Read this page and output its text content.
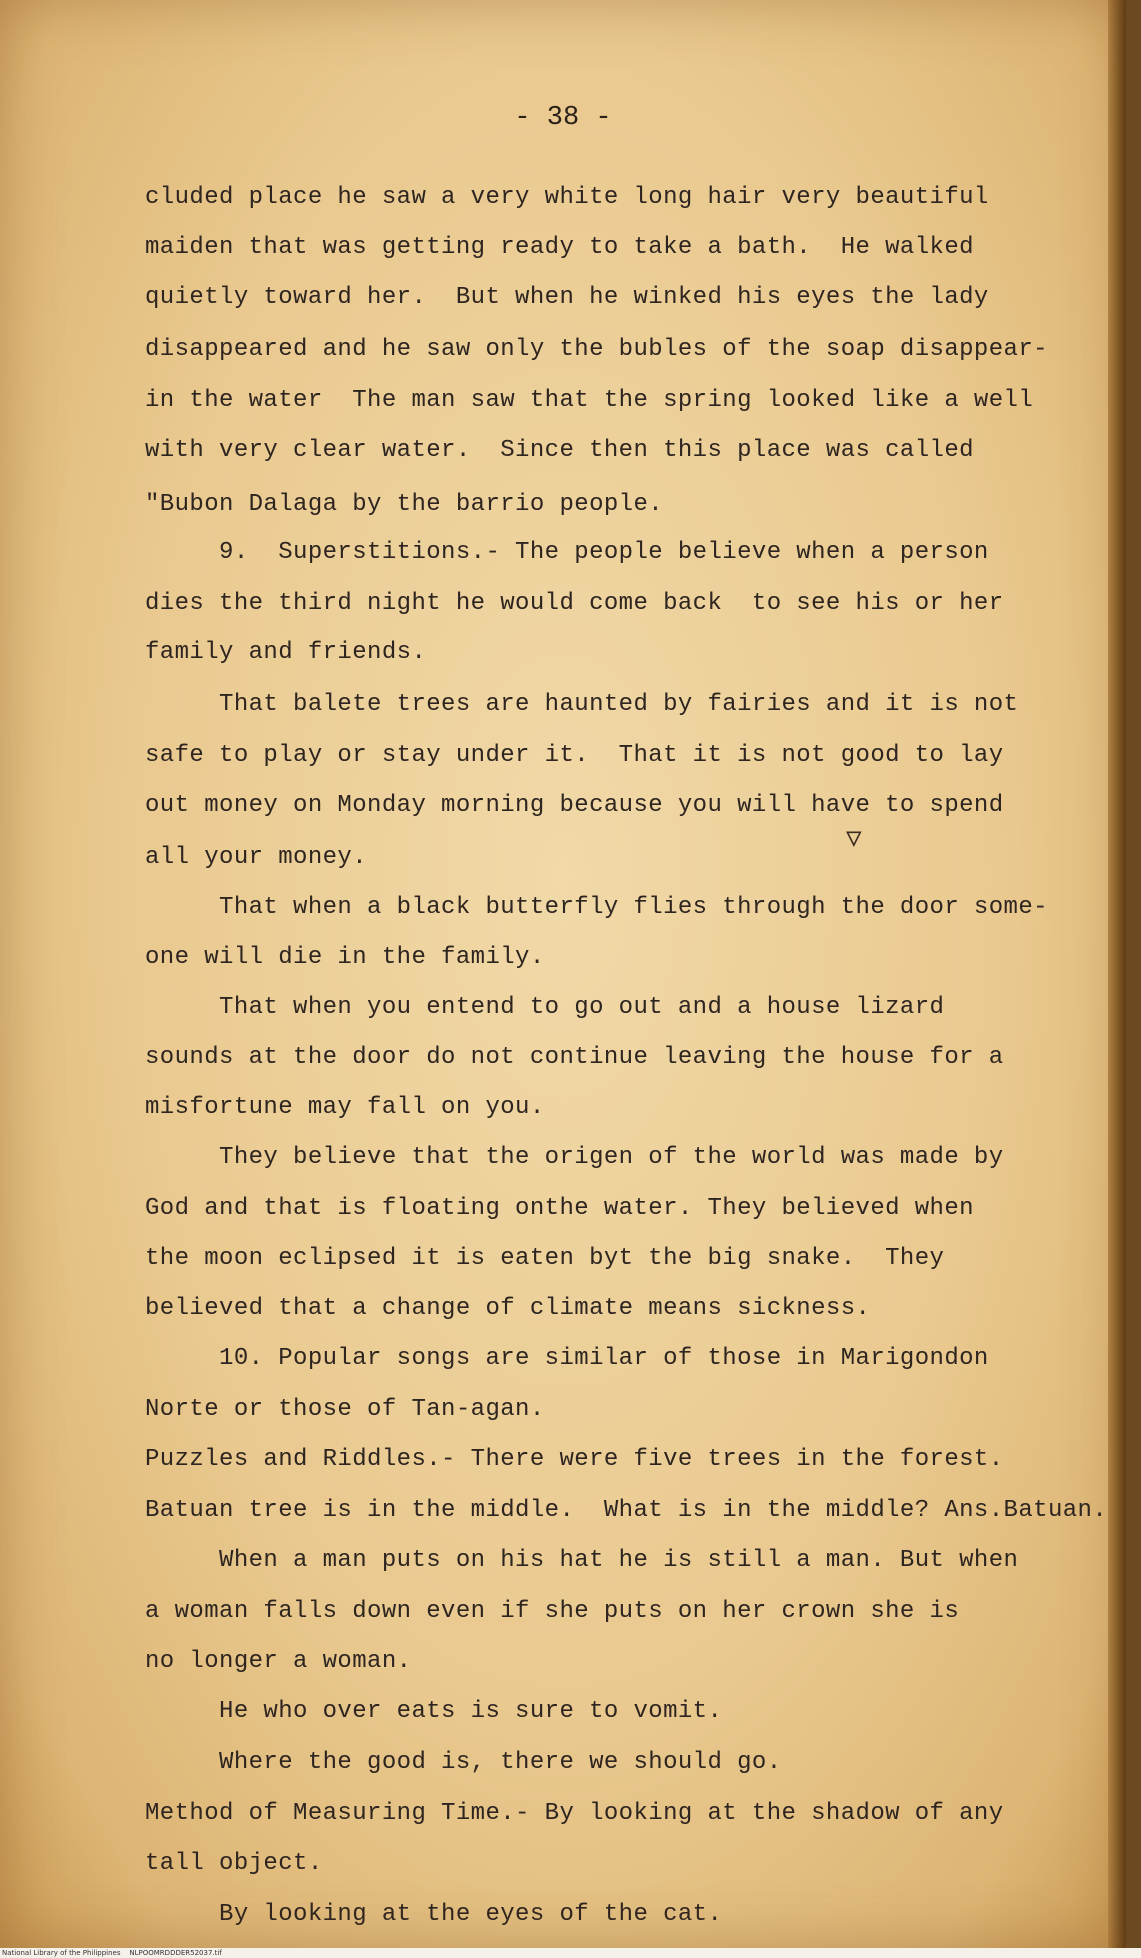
- 38 -
cluded place he saw a very white long hair very beautiful
maiden that was getting ready to take a bath.  He walked
quietly toward her.  But when he winked his eyes the lady
disappeared and he saw only the bubles of the soap disappear-
in the water  The man saw that the spring looked like a well
with very clear water.  Since then this place was called
"Bubon Dalaga by the barrio people.
9.  Superstitions.- The people believe when a person
dies the third night he would come back  to see his or her
family and friends.
That balete trees are haunted by fairies and it is not
safe to play or stay under it.  That it is not good to lay
out money on Monday morning because you will have to spend
all your money.
That when a black butterfly flies through the door some-
one will die in the family.
That when you entend to go out and a house lizard
sounds at the door do not continue leaving the house for a
misfortune may fall on you.
They believe that the origen of the world was made by
God and that is floating onthe water. They believed when
the moon eclipsed it is eaten byt the big snake.  They
believed that a change of climate means sickness.
10. Popular songs are similar of those in Marigondon
Norte or those of Tan-agan.
Puzzles and Riddles.- There were five trees in the forest.
Batuan tree is in the middle.  What is in the middle? Ans.Batuan.
When a man puts on his hat he is still a man. But when
a woman falls down even if she puts on her crown she is
no longer a woman.
He who over eats is sure to vomit.
Where the good is, there we should go.
Method of Measuring Time.- By looking at the shadow of any
tall object.
By looking at the eyes of the cat.
▽
National Library of the Philippines    NLPOOMRDDDER52037.tif
